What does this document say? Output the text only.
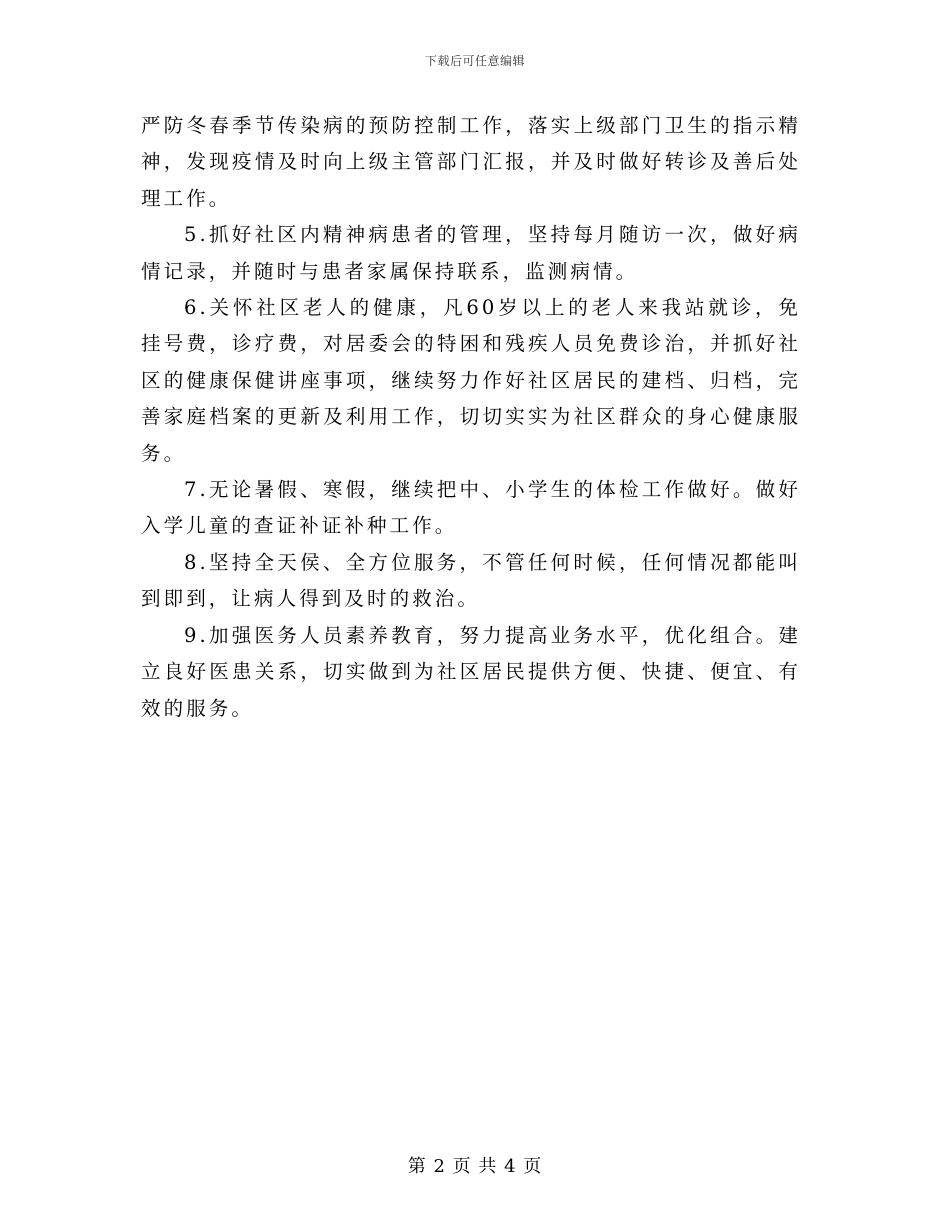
下载后可任意编辑

严防冬春季节传染病的预防控制工作，落实上级部门卫生的指示精神，发现疫情及时向上级主管部门汇报，并及时做好转诊及善后处理工作。

5.抓好社区内精神病患者的管理，坚持每月随访一次，做好病情记录，并随时与患者家属保持联系，监测病情。

6.关怀社区老人的健康，凡60岁以上的老人来我站就诊，免挂号费，诊疗费，对居委会的特困和残疾人员免费诊治，并抓好社区的健康保健讲座事项，继续努力作好社区居民的建档、归档，完善家庭档案的更新及利用工作，切切实实为社区群众的身心健康服务。

7.无论暑假、寒假，继续把中、小学生的体检工作做好。做好入学儿童的查证补证补种工作。

8.坚持全天侯、全方位服务，不管任何时候，任何情况都能叫到即到，让病人得到及时的救治。

9.加强医务人员素养教育，努力提高业务水平，优化组合。建立良好医患关系，切实做到为社区居民提供方便、快捷、便宜、有效的服务。

第 2 页 共 4 页
